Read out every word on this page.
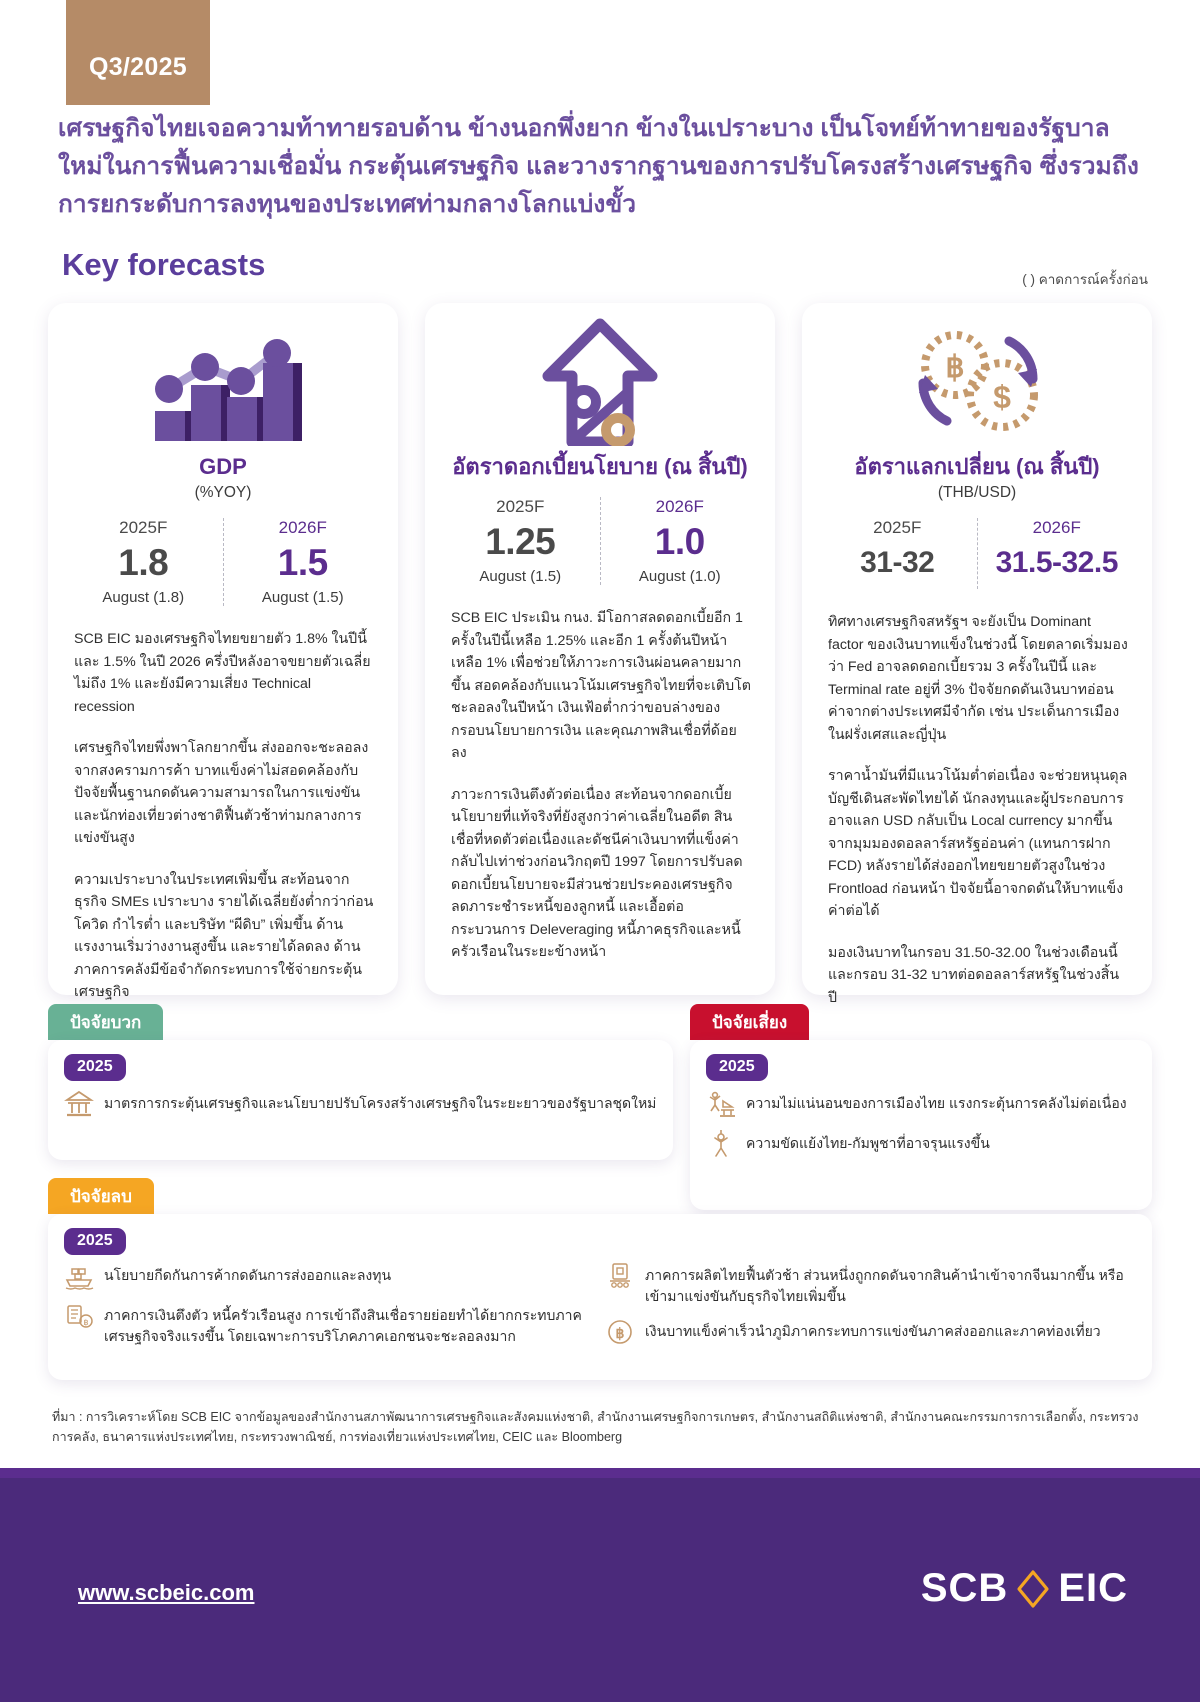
Q3/2025
เศรษฐกิจไทยเจอความท้าทายรอบด้าน ข้างนอกพึ่งยาก ข้างในเปราะบาง เป็นโจทย์ท้าทายของรัฐบาลใหม่ในการฟื้นความเชื่อมั่น กระตุ้นเศรษฐกิจ และวางรากฐานของการปรับโครงสร้างเศรษฐกิจ ซึ่งรวมถึงการยกระดับการลงทุนของประเทศท่ามกลางโลกแบ่งขั้ว
Key forecasts	( ) คาดการณ์ครั้งก่อน
GDP
(%YOY)
2025F
1.8
August (1.8)
2026F
1.5
August (1.5)

SCB EIC มองเศรษฐกิจไทยขยายตัว 1.8% ในปีนี้ และ 1.5% ในปี 2026 ครึ่งปีหลังอาจขยายตัวเฉลี่ยไม่ถึง 1% และยังมีความเสี่ยง Technical recession

เศรษฐกิจไทยพึ่งพาโลกยากขึ้น ส่งออกจะชะลอลงจากสงครามการค้า บาทแข็งค่าไม่สอดคล้องกับปัจจัยพื้นฐานกดดันความสามารถในการแข่งขันและนักท่องเที่ยวต่างชาติฟื้นตัวช้าท่ามกลางการแข่งขันสูง

ความเปราะบางในประเทศเพิ่มขึ้น สะท้อนจากธุรกิจ SMEs เปราะบาง รายได้เฉลี่ยยังต่ำกว่าก่อนโควิด กำไรต่ำ และบริษัท “ผีดิบ” เพิ่มขึ้น ด้านแรงงานเริ่มว่างงานสูงขึ้น และรายได้ลดลง ด้านภาคการคลังมีข้อจำกัดกระทบการใช้จ่ายกระตุ้นเศรษฐกิจ

อัตราดอกเบี้ยนโยบาย (ณ สิ้นปี)
2025F
1.25
August (1.5)
2026F
1.0
August (1.0)

SCB EIC ประเมิน กนง. มีโอกาสลดดอกเบี้ยอีก 1 ครั้งในปีนี้เหลือ 1.25% และอีก 1 ครั้งต้นปีหน้าเหลือ 1% เพื่อช่วยให้ภาวะการเงินผ่อนคลายมากขึ้น สอดคล้องกับแนวโน้มเศรษฐกิจไทยที่จะเติบโตชะลอลงในปีหน้า เงินเฟ้อต่ำกว่าขอบล่างของกรอบนโยบายการเงิน และคุณภาพสินเชื่อที่ด้อยลง

ภาวะการเงินตึงตัวต่อเนื่อง สะท้อนจากดอกเบี้ยนโยบายที่แท้จริงที่ยังสูงกว่าค่าเฉลี่ยในอดีต สินเชื่อที่หดตัวต่อเนื่องและดัชนีค่าเงินบาทที่แข็งค่ากลับไปเท่าช่วงก่อนวิกฤตปี 1997 โดยการปรับลดดอกเบี้ยนโยบายจะมีส่วนช่วยประคองเศรษฐกิจ ลดภาระชำระหนี้ของลูกหนี้ และเอื้อต่อกระบวนการ Deleveraging หนี้ภาคธุรกิจและหนี้ครัวเรือนในระยะข้างหน้า

฿
$
อัตราแลกเปลี่ยน (ณ สิ้นปี)
(THB/USD)
2025F
31-32
2026F
31.5-32.5

ทิศทางเศรษฐกิจสหรัฐฯ จะยังเป็น Dominant factor ของเงินบาทแข็งในช่วงนี้ โดยตลาดเริ่มมองว่า Fed อาจลดดอกเบี้ยรวม 3 ครั้งในปีนี้ และ Terminal rate อยู่ที่ 3% ปัจจัยกดดันเงินบาทอ่อนค่าจากต่างประเทศมีจำกัด เช่น ประเด็นการเมืองในฝรั่งเศสและญี่ปุ่น

ราคาน้ำมันที่มีแนวโน้มต่ำต่อเนื่อง จะช่วยหนุนดุลบัญชีเดินสะพัดไทยได้ นักลงทุนและผู้ประกอบการอาจแลก USD กลับเป็น Local currency มากขึ้น จากมุมมองดอลลาร์สหรัฐอ่อนค่า (แทนการฝาก FCD) หลังรายได้ส่งออกไทยขยายตัวสูงในช่วง Frontload ก่อนหน้า ปัจจัยนี้อาจกดดันให้บาทแข็งค่าต่อได้

มองเงินบาทในกรอบ 31.50-32.00 ในช่วงเดือนนี้ และกรอบ 31-32 บาทต่อดอลลาร์สหรัฐในช่วงสิ้นปี

ปัจจัยบวก
2025
มาตรการกระตุ้นเศรษฐกิจและนโยบายปรับโครงสร้างเศรษฐกิจในระยะยาวของรัฐบาลชุดใหม่
ปัจจัยเสี่ยง
2025
ความไม่แน่นอนของการเมืองไทย แรงกระตุ้นการคลังไม่ต่อเนื่อง
ความขัดแย้งไทย-กัมพูชาที่อาจรุนแรงขึ้น
ปัจจัยลบ
2025
นโยบายกีดกันการค้ากดดันการส่งออกและลงทุน
฿ ภาคการเงินตึงตัว หนี้ครัวเรือนสูง การเข้าถึงสินเชื่อรายย่อยทำได้ยากกระทบภาคเศรษฐกิจจริงแรงขึ้น โดยเฉพาะการบริโภคภาคเอกชนจะชะลอลงมาก
ภาคการผลิตไทยฟื้นตัวช้า ส่วนหนึ่งถูกกดดันจากสินค้านำเข้าจากจีนมากขึ้น หรือเข้ามาแข่งขันกับธุรกิจไทยเพิ่มขึ้น
฿ เงินบาทแข็งค่าเร็วนำภูมิภาคกระทบการแข่งขันภาคส่งออกและภาคท่องเที่ยว
ที่มา : การวิเคราะห์โดย SCB EIC จากข้อมูลของสำนักงานสภาพัฒนาการเศรษฐกิจและสังคมแห่งชาติ, สำนักงานเศรษฐกิจการเกษตร, สำนักงานสถิติแห่งชาติ, สำนักงานคณะกรรมการการเลือกตั้ง, กระทรวงการคลัง, ธนาคารแห่งประเทศไทย, กระทรวงพาณิชย์, การท่องเที่ยวแห่งประเทศไทย, CEIC และ Bloomberg
www.scbeic.com	SCB EIC
